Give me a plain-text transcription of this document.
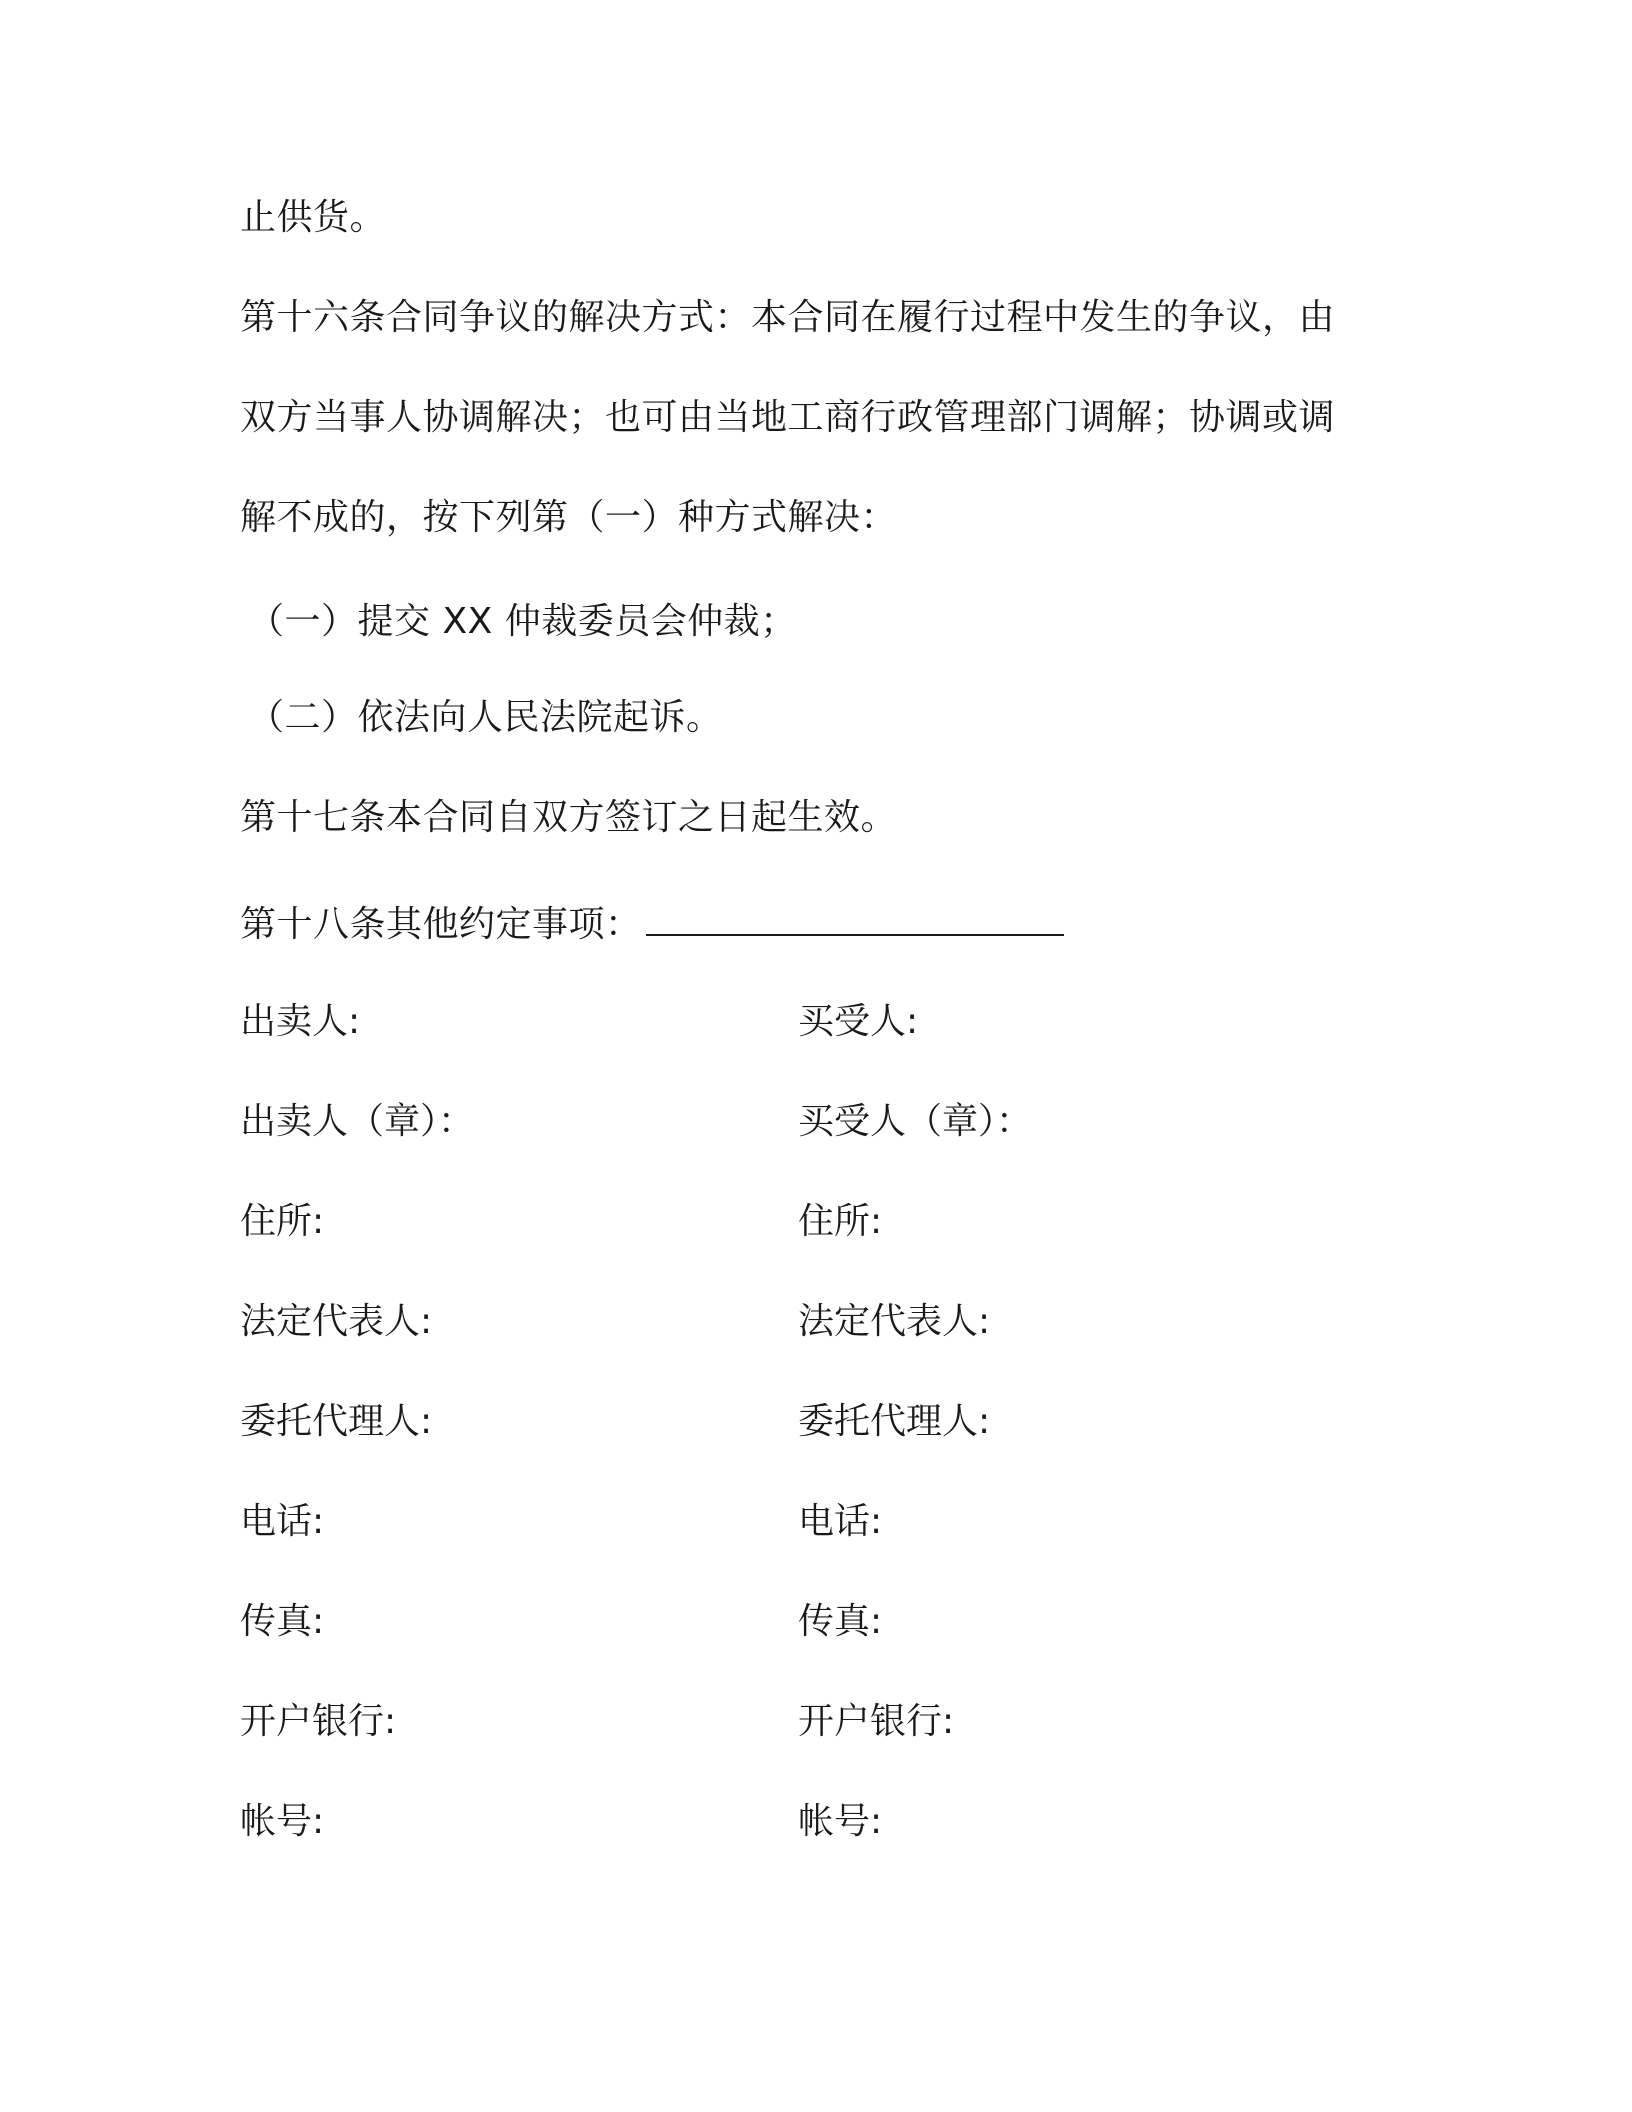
止供货。
第十六条合同争议的解决方式：本合同在履行过程中发生的争议，由
双方当事人协调解决；也可由当地工商行政管理部门调解；协调或调
解不成的，按下列第（一）种方式解决：
（一）提交 XX 仲裁委员会仲裁；
（二）依法向人民法院起诉。
第十七条本合同自双方签订之日起生效。
第十八条其他约定事项：
出卖人:	买受人:
出卖人（章）：	买受人（章）：
住所:	住所:
法定代表人:	法定代表人:
委托代理人:	委托代理人:
电话:	电话:
传真:	传真:
开户银行:	开户银行:
帐号:	帐号:
